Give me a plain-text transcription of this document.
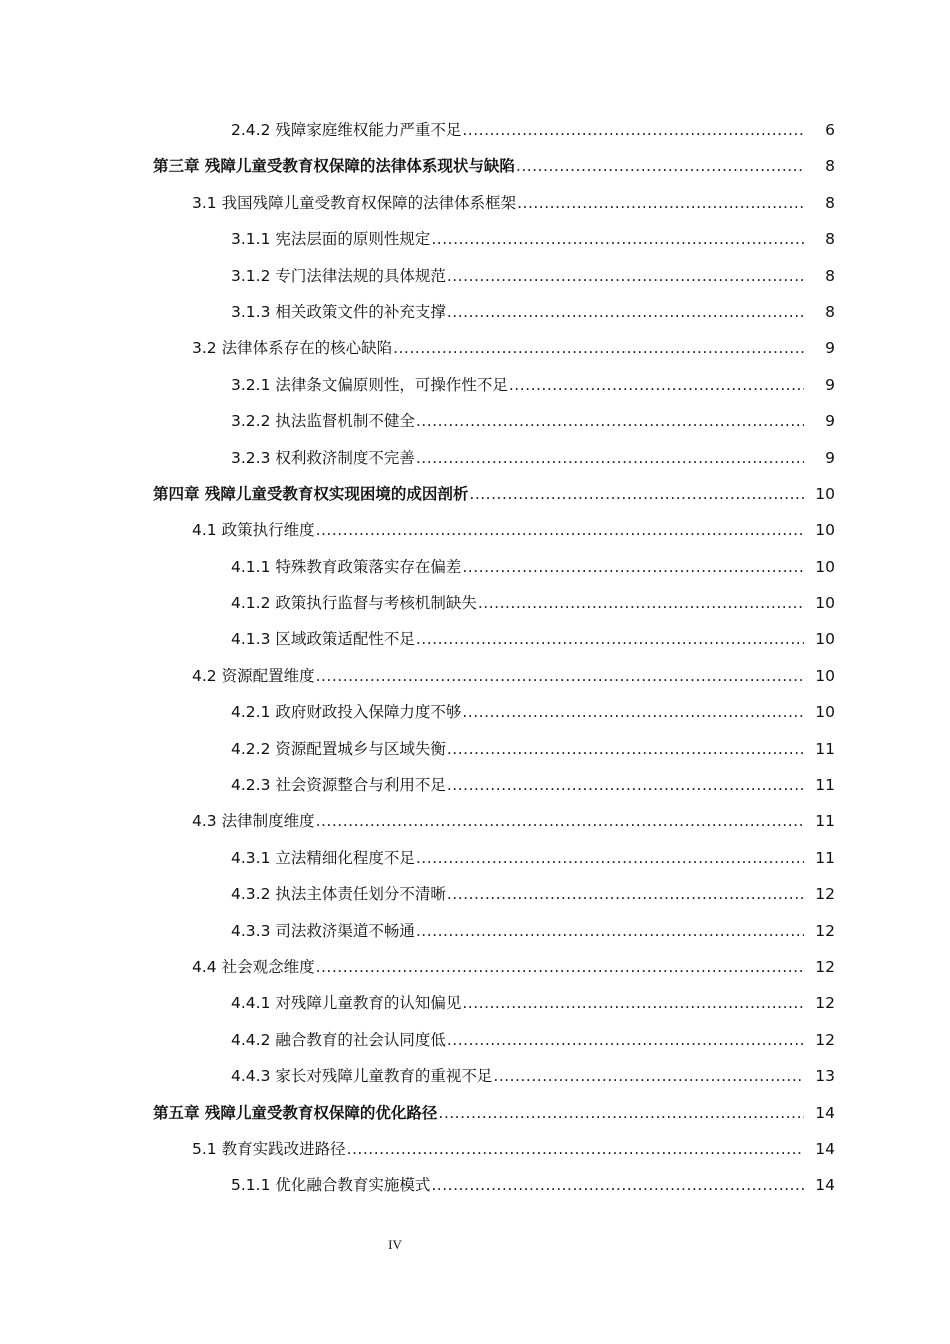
2.4.2 残障家庭维权能力严重不足 .....	6
第三章 残障儿童受教育权保障的法律体系现状与缺陷 .....	8
3.1 我国残障儿童受教育权保障的法律体系框架 .....	8
3.1.1 宪法层面的原则性规定 .....	8
3.1.2 专门法律法规的具体规范 .....	8
3.1.3 相关政策文件的补充支撑 .....	8
3.2 法律体系存在的核心缺陷 .....	9
3.2.1 法律条文偏原则性，可操作性不足 .....	9
3.2.2 执法监督机制不健全 .....	9
3.2.3 权利救济制度不完善 .....	9
第四章 残障儿童受教育权实现困境的成因剖析 .....	10
4.1 政策执行维度 .....	10
4.1.1 特殊教育政策落实存在偏差 .....	10
4.1.2 政策执行监督与考核机制缺失 .....	10
4.1.3 区域政策适配性不足 .....	10
4.2 资源配置维度 .....	10
4.2.1 政府财政投入保障力度不够 .....	10
4.2.2 资源配置城乡与区域失衡 .....	11
4.2.3 社会资源整合与利用不足 .....	11
4.3 法律制度维度 .....	11
4.3.1 立法精细化程度不足 .....	11
4.3.2 执法主体责任划分不清晰 .....	12
4.3.3 司法救济渠道不畅通 .....	12
4.4 社会观念维度 .....	12
4.4.1 对残障儿童教育的认知偏见 .....	12
4.4.2 融合教育的社会认同度低 .....	12
4.4.3 家长对残障儿童教育的重视不足 .....	13
第五章 残障儿童受教育权保障的优化路径 .....	14
5.1 教育实践改进路径 .....	14
5.1.1 优化融合教育实施模式 .....	14
IV
